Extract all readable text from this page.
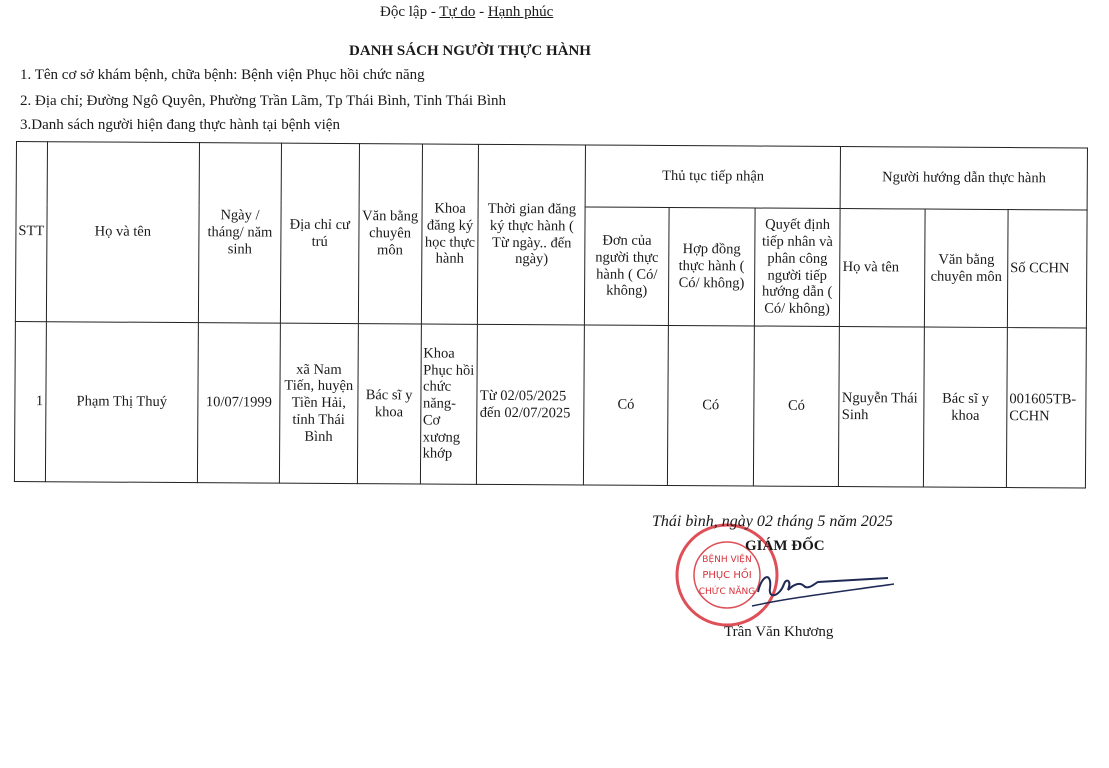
Độc lập - Tự do - Hạnh phúc
DANH SÁCH NGƯỜI THỰC HÀNH
1. Tên cơ sở khám bệnh, chữa bệnh: Bệnh viện Phục hồi chức năng
2. Địa chỉ; Đường Ngô Quyên, Phường Trần Lãm, Tp Thái Bình, Tỉnh Thái Bình
3.Danh sách người hiện đang thực hành tại bệnh viện
STT	Họ và tên	Ngày / tháng/ năm sinh	Địa chỉ cư trú	Văn bằng chuyên môn	Khoa đăng ký học thực hành	Thời gian đăng ký thực hành ( Từ ngày.. đến ngày)	Thủ tục tiếp nhận			Người hướng dẫn thực hành		
							Đơn của người thực hành ( Có/ không)	Hợp đồng thực hành ( Có/ không)	Quyết định tiếp nhân và phân công người tiếp hướng dẫn ( Có/ không)	Họ và tên	Văn bằng chuyên môn	Số CCHN
1	Phạm Thị Thuý	10/07/1999	xã Nam Tiến, huyện Tiền Hải, tỉnh Thái Bình	Bác sĩ y khoa	Khoa Phục hồi chức năng- Cơ xương khớp	Từ 02/05/2025 đến 02/07/2025	Có	Có	Có	Nguyễn Thái Sinh	Bác sĩ y khoa	001605TB-CCHN
BỆNH VIỆN
PHỤC HỒI
CHỨC NĂNG
Thái bình, ngày 02 tháng 5 năm 2025
GIÁM ĐỐC
Trần Văn Khương
